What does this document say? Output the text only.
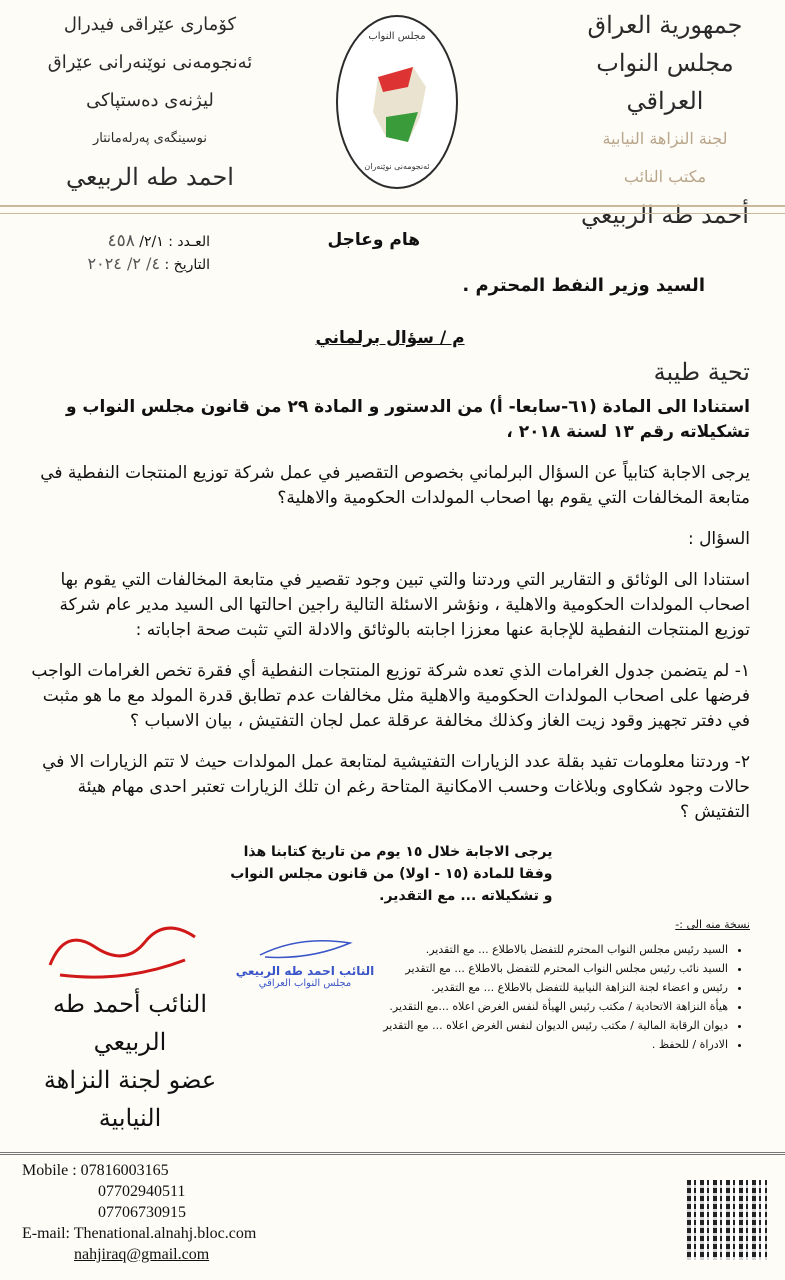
جمهورية العراق
مجلس النواب العراقي
لجنة النزاهة النيابية
مكتب النائب
أحمد طه الربيعي
مجلس النواب
ئەنجومەنی نوێنەران
کۆماری عێراقی فیدرال
ئەنجومەنی نوێنەرانی عێراق
لیژنەی دەستپاکی
نوسینگەی پەرلەمانتار
احمد طه الربيعي
هام وعاجل
العـدد : ٢/١/ ٤٥٨
التاريخ : ٤/ ٢/ ٢٠٢٤
السيد وزير النفط المحترم .
م / سؤال برلماني
تحية طيبة

استنادا الى المادة (٦١-سابعا- أ) من الدستور و المادة ٢٩ من قانون مجلس النواب و تشكيلاته رقم ١٣ لسنة ٢٠١٨ ،

يرجى الاجابة كتابياً عن السؤال البرلماني بخصوص التقصير في عمل شركة توزيع المنتجات النفطية في متابعة المخالفات التي يقوم بها اصحاب المولدات الحكومية والاهلية؟

السؤال :

استنادا الى الوثائق و التقارير التي وردتنا والتي تبين وجود تقصير في متابعة المخالفات التي يقوم بها اصحاب المولدات الحكومية والاهلية ، ونؤشر الاسئلة التالية راجين احالتها الى السيد مدير عام شركة توزيع المنتجات النفطية للإجابة عنها معززا اجابته بالوثائق والادلة التي تثبت صحة اجاباته :

١- لم يتضمن جدول الغرامات الذي تعده شركة توزيع المنتجات النفطية أي فقرة تخص الغرامات الواجب فرضها على اصحاب المولدات الحكومية والاهلية مثل مخالفات عدم تطابق قدرة المولد مع ما هو مثبت في دفتر تجهيز وقود زيت الغاز وكذلك مخالفة عرقلة عمل لجان التفتيش ، بيان الاسباب ؟

٢- وردتنا معلومات تفيد بقلة عدد الزيارات التفتيشية لمتابعة عمل المولدات حيث لا تتم الزيارات الا في حالات وجود شكاوى وبلاغات وحسب الامكانية المتاحة رغم ان تلك الزيارات تعتبر احدى مهام هيئة التفتيش ؟

يرجى الاجابة خلال ١٥ يوم من تاريخ كتابنا هذا وفقا للمادة (١٥ - اولا) من قانون مجلس النواب و تشكيلاته ... مع التقدير.

النائب أحمد طه الربيعي
عضو لجنة النزاهة النيابية
النائب احمد طه الربيعي
مجلس النواب العراقي
نسخة منه الى :-
• السيد رئيس مجلس النواب المحترم للتفضل بالاطلاع ... مع التقدير.
• السيد نائب رئيس مجلس النواب المحترم للتفضل بالاطلاع ... مع التقدير
• رئيس و اعضاء لجنة النزاهة النيابية للتفضل بالاطلاع ... مع التقدير.
• هيأة النزاهة الاتحادية / مكتب رئيس الهيأة لنفس الغرض اعلاه ...مع التقدير.
• ديوان الرقابة المالية / مكتب رئيس الديوان لنفس الغرض اعلاه ... مع التقدير
• الادراة / للحفظ .
Mobile : 07816003165
07702940511
07706730915
E-mail: Thenational.alnahj.bloc.com
nahjiraq@gmail.com
